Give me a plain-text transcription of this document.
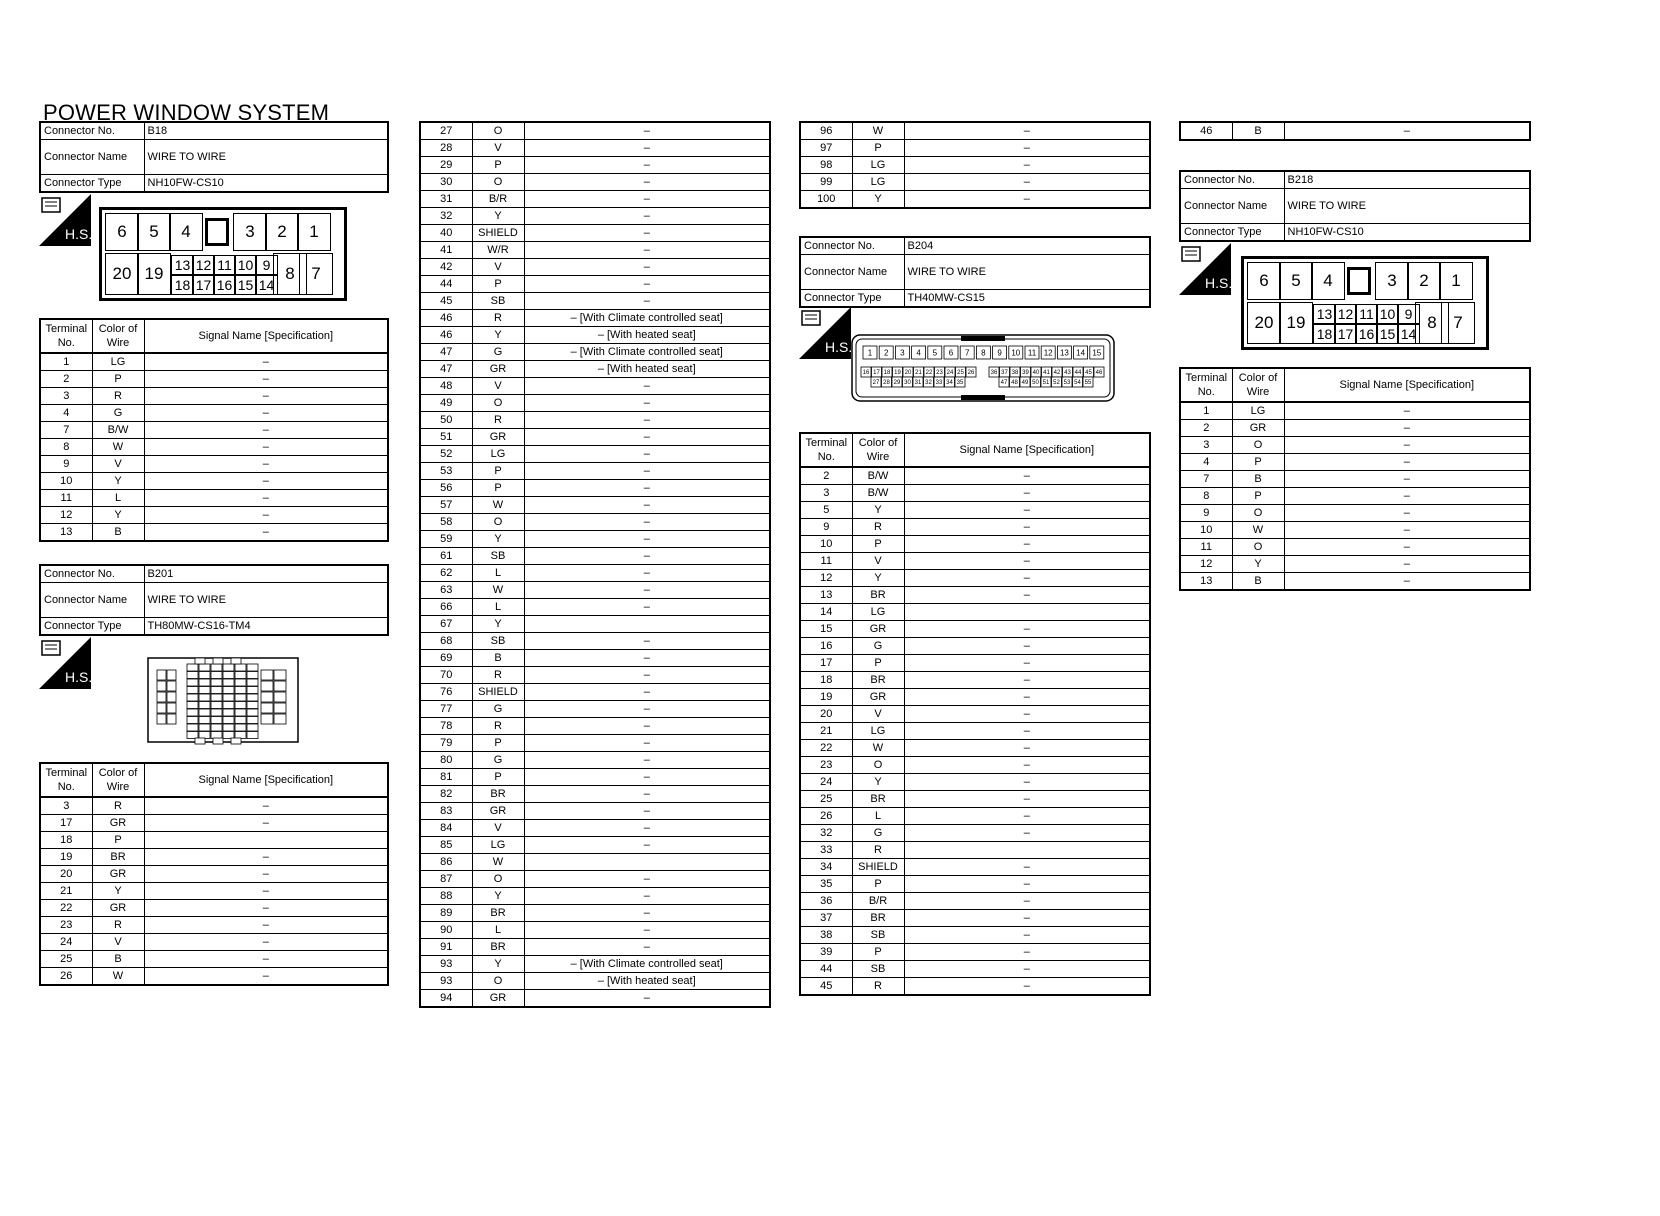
POWER WINDOW SYSTEM
Connector No.	B18
Connector Name	WIRE TO WIRE
Connector Type	NH10FW-CS10
H.S.	6	5	4	3	2	1
20 19 13 12 11 10 9
18 17 16 15 14
8 7
Terminal No.	Color of Wire	Signal Name [Specification]
1	LG	–
2	P	–
3	R	–
4	G	–
7	B/W	–
8	W	–
9	V	–
10	Y	–
11	L	–
12	Y	–
13	B	–
Connector No.	B201
Connector Name	WIRE TO WIRE
Connector Type	TH80MW-CS16-TM4
H.S.
Terminal No.	Color of Wire	Signal Name [Specification]
3	R	–
17	GR	–
18	P	
19	BR	–
20	GR	–
21	Y	–
22	GR	–
23	R	–
24	V	–
25	B	–
26	W	–
27	O	–
28	V	–
29	P	–
30	O	–
31	B/R	–
32	Y	–
40	SHIELD	–
41	W/R	–
42	V	–
44	P	–
45	SB	–
46	R	– [With Climate controlled seat]
46	Y	– [With heated seat]
47	G	– [With Climate controlled seat]
47	GR	– [With heated seat]
48	V	–
49	O	–
50	R	–
51	GR	–
52	LG	–
53	P	–
56	P	–
57	W	–
58	O	–
59	Y	–
61	SB	–
62	L	–
63	W	–
66	L	–
67	Y	
68	SB	–
69	B	–
70	R	–
76	SHIELD	–
77	G	–
78	R	–
79	P	–
80	G	–
81	P	–
82	BR	–
83	GR	–
84	V	–
85	LG	–
86	W	
87	O	–
88	Y	–
89	BR	–
90	L	–
91	BR	–
93	Y	– [With Climate controlled seat]
93	O	– [With heated seat]
94	GR	–
96	W	–
97	P	–
98	LG	–
99	LG	–
100	Y	–
Connector No.	B204
Connector Name	WIRE TO WIRE
Connector Type	TH40MW-CS15
H.S. 1 2 3 4 5 6 7 8 9 10 11 12 13 14 15
16 17 18 19 20 21 22 23 24 25 26
27 28 29 30 31 32 33 34 35
36 37 38 39 40 41 42 43 44 45 46
47 48 49 50 51 52 53 54 55
Terminal No.	Color of Wire	Signal Name [Specification]
2	B/W	–
3	B/W	–
5	Y	–
9	R	–
10	P	–
11	V	–
12	Y	–
13	BR	–
14	LG	
15	GR	–
16	G	–
17	P	–
18	BR	–
19	GR	–
20	V	–
21	LG	–
22	W	–
23	O	–
24	Y	–
25	BR	–
26	L	–
32	G	–
33	R	
34	SHIELD	–
35	P	–
36	B/R	–
37	BR	–
38	SB	–
39	P	–
44	SB	–
45	R	–
46	B	–
Connector No.	B218
Connector Name	WIRE TO WIRE
Connector Type	NH10FW-CS10
H.S.	6	5	4	3	2	1
20 19 13 12 11 10 9
18 17 16 15 14
8 7
Terminal No.	Color of Wire	Signal Name [Specification]
1	LG	–
2	GR	–
3	O	–
4	P	–
7	B	–
8	P	–
9	O	–
10	W	–
11	O	–
12	Y	–
13	B	–
